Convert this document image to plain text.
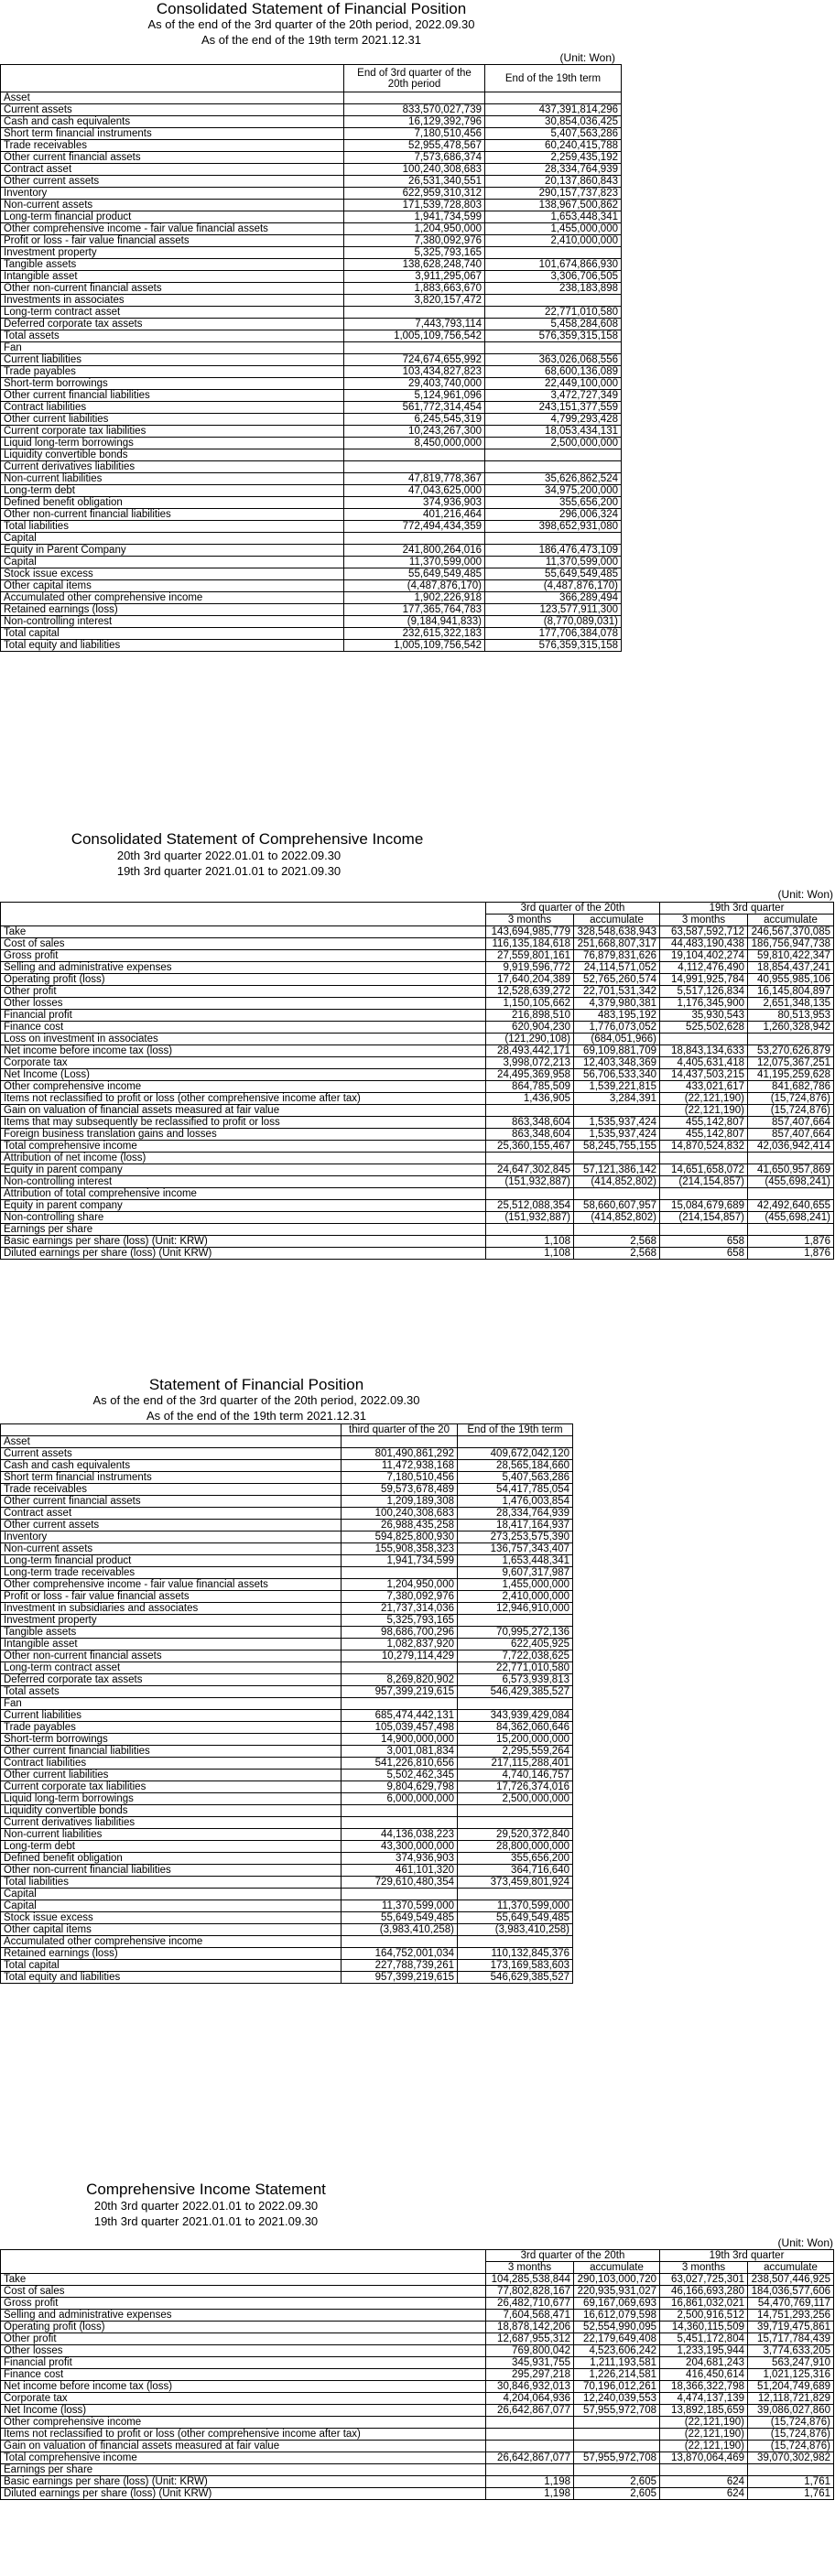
Consolidated Statement of Financial Position
As of the end of the 3rd quarter of the 20th period, 2022.09.30
As of the end of the 19th term 2021.12.31
(Unit: Won)
	End of 3rd quarter of the 20th period	End of the 19th term
Asset		
Current assets	833,570,027,739	437,391,814,296
Cash and cash equivalents	16,129,392,796	30,854,036,425
Short term financial instruments	7,180,510,456	5,407,563,286
Trade receivables	52,955,478,567	60,240,415,788
Other current financial assets	7,573,686,374	2,259,435,192
Contract asset	100,240,308,683	28,334,764,939
Other current assets	26,531,340,551	20,137,860,843
Inventory	622,959,310,312	290,157,737,823
Non-current assets	171,539,728,803	138,967,500,862
Long-term financial product	1,941,734,599	1,653,448,341
Other comprehensive income - fair value financial assets	1,204,950,000	1,455,000,000
Profit or loss - fair value financial assets	7,380,092,976	2,410,000,000
Investment property	5,325,793,165	
Tangible assets	138,628,248,740	101,674,866,930
Intangible asset	3,911,295,067	3,306,706,505
Other non-current financial assets	1,883,663,670	238,183,898
Investments in associates	3,820,157,472	
Long-term contract asset		22,771,010,580
Deferred corporate tax assets	7,443,793,114	5,458,284,608
Total assets	1,005,109,756,542	576,359,315,158
Fan		
Current liabilities	724,674,655,992	363,026,068,556
Trade payables	103,434,827,823	68,600,136,089
Short-term borrowings	29,403,740,000	22,449,100,000
Other current financial liabilities	5,124,961,096	3,472,727,349
Contract liabilities	561,772,314,454	243,151,377,559
Other current liabilities	6,245,545,319	4,799,293,428
Current corporate tax liabilities	10,243,267,300	18,053,434,131
Liquid long-term borrowings	8,450,000,000	2,500,000,000
Liquidity convertible bonds		
Current derivatives liabilities		
Non-current liabilities	47,819,778,367	35,626,862,524
Long-term debt	47,043,625,000	34,975,200,000
Defined benefit obligation	374,936,903	355,656,200
Other non-current financial liabilities	401,216,464	296,006,324
Total liabilities	772,494,434,359	398,652,931,080
Capital		
Equity in Parent Company	241,800,264,016	186,476,473,109
Capital	11,370,599,000	11,370,599,000
Stock issue excess	55,649,549,485	55,649,549,485
Other capital items	(4,487,876,170)	(4,487,876,170)
Accumulated other comprehensive income	1,902,226,918	366,289,494
Retained earnings (loss)	177,365,764,783	123,577,911,300
Non-controlling interest	(9,184,941,833)	(8,770,089,031)
Total capital	232,615,322,183	177,706,384,078
Total equity and liabilities	1,005,109,756,542	576,359,315,158
Consolidated Statement of Comprehensive Income
20th 3rd quarter 2022.01.01 to 2022.09.30
19th 3rd quarter 2021.01.01 to 2021.09.30
(Unit: Won)
	3rd quarter of the 20th		19th 3rd quarter	
	3 months	accumulate	3 months	accumulate
Take	143,694,985,779	328,548,638,943	63,587,592,712	246,567,370,085
Cost of sales	116,135,184,618	251,668,807,317	44,483,190,438	186,756,947,738
Gross profit	27,559,801,161	76,879,831,626	19,104,402,274	59,810,422,347
Selling and administrative expenses	9,919,596,772	24,114,571,052	4,112,476,490	18,854,437,241
Operating profit (loss)	17,640,204,389	52,765,260,574	14,991,925,784	40,955,985,106
Other profit	12,528,639,272	22,701,531,342	5,517,126,834	16,145,804,897
Other losses	1,150,105,662	4,379,980,381	1,176,345,900	2,651,348,135
Financial profit	216,898,510	483,195,192	35,930,543	80,513,953
Finance cost	620,904,230	1,776,073,052	525,502,628	1,260,328,942
Loss on investment in associates	(121,290,108)	(684,051,966)		
Net income before income tax (loss)	28,493,442,171	69,109,881,709	18,843,134,633	53,270,626,879
Corporate tax	3,998,072,213	12,403,348,369	4,405,631,418	12,075,367,251
Net Income (Loss)	24,495,369,958	56,706,533,340	14,437,503,215	41,195,259,628
Other comprehensive income	864,785,509	1,539,221,815	433,021,617	841,682,786
Items not reclassified to profit or loss (other comprehensive income after tax)	1,436,905	3,284,391	(22,121,190)	(15,724,876)
Gain on valuation of financial assets measured at fair value			(22,121,190)	(15,724,876)
Items that may subsequently be reclassified to profit or loss	863,348,604	1,535,937,424	455,142,807	857,407,664
Foreign business translation gains and losses	863,348,604	1,535,937,424	455,142,807	857,407,664
Total comprehensive income	25,360,155,467	58,245,755,155	14,870,524,832	42,036,942,414
Attribution of net income (loss)				
Equity in parent company	24,647,302,845	57,121,386,142	14,651,658,072	41,650,957,869
Non-controlling interest	(151,932,887)	(414,852,802)	(214,154,857)	(455,698,241)
Attribution of total comprehensive income				
Equity in parent company	25,512,088,354	58,660,607,957	15,084,679,689	42,492,640,655
Non-controlling share	(151,932,887)	(414,852,802)	(214,154,857)	(455,698,241)
Earnings per share				
Basic earnings per share (loss) (Unit: KRW)	1,108	2,568	658	1,876
Diluted earnings per share (loss) (Unit KRW)	1,108	2,568	658	1,876
Statement of Financial Position
As of the end of the 3rd quarter of the 20th period, 2022.09.30
As of the end of the 19th term 2021.12.31
	third quarter of the 20	End of the 19th term
Asset		
Current assets	801,490,861,292	409,672,042,120
Cash and cash equivalents	11,472,938,168	28,565,184,660
Short term financial instruments	7,180,510,456	5,407,563,286
Trade receivables	59,573,678,489	54,417,785,054
Other current financial assets	1,209,189,308	1,476,003,854
Contract asset	100,240,308,683	28,334,764,939
Other current assets	26,988,435,258	18,417,164,937
Inventory	594,825,800,930	273,253,575,390
Non-current assets	155,908,358,323	136,757,343,407
Long-term financial product	1,941,734,599	1,653,448,341
Long-term trade receivables		9,607,317,987
Other comprehensive income - fair value financial assets	1,204,950,000	1,455,000,000
Profit or loss - fair value financial assets	7,380,092,976	2,410,000,000
Investment in subsidiaries and associates	21,737,314,036	12,946,910,000
Investment property	5,325,793,165	
Tangible assets	98,686,700,296	70,995,272,136
Intangible asset	1,082,837,920	622,405,925
Other non-current financial assets	10,279,114,429	7,722,038,625
Long-term contract asset		22,771,010,580
Deferred corporate tax assets	8,269,820,902	6,573,939,813
Total assets	957,399,219,615	546,429,385,527
Fan		
Current liabilities	685,474,442,131	343,939,429,084
Trade payables	105,039,457,498	84,362,060,646
Short-term borrowings	14,900,000,000	15,200,000,000
Other current financial liabilities	3,001,081,834	2,295,559,264
Contract liabilities	541,226,810,656	217,115,288,401
Other current liabilities	5,502,462,345	4,740,146,757
Current corporate tax liabilities	9,804,629,798	17,726,374,016
Liquid long-term borrowings	6,000,000,000	2,500,000,000
Liquidity convertible bonds		
Current derivatives liabilities		
Non-current liabilities	44,136,038,223	29,520,372,840
Long-term debt	43,300,000,000	28,800,000,000
Defined benefit obligation	374,936,903	355,656,200
Other non-current financial liabilities	461,101,320	364,716,640
Total liabilities	729,610,480,354	373,459,801,924
Capital		
Capital	11,370,599,000	11,370,599,000
Stock issue excess	55,649,549,485	55,649,549,485
Other capital items	(3,983,410,258)	(3,983,410,258)
Accumulated other comprehensive income		
Retained earnings (loss)	164,752,001,034	110,132,845,376
Total capital	227,788,739,261	173,169,583,603
Total equity and liabilities	957,399,219,615	546,629,385,527
Comprehensive Income Statement
20th 3rd quarter 2022.01.01 to 2022.09.30
19th 3rd quarter 2021.01.01 to 2021.09.30
(Unit: Won)
	3rd quarter of the 20th		19th 3rd quarter	
	3 months	accumulate	3 months	accumulate
Take	104,285,538,844	290,103,000,720	63,027,725,301	238,507,446,925
Cost of sales	77,802,828,167	220,935,931,027	46,166,693,280	184,036,577,606
Gross profit	26,482,710,677	69,167,069,693	16,861,032,021	54,470,769,117
Selling and administrative expenses	7,604,568,471	16,612,079,598	2,500,916,512	14,751,293,256
Operating profit (loss)	18,878,142,206	52,554,990,095	14,360,115,509	39,719,475,861
Other profit	12,687,955,312	22,179,649,408	5,451,172,804	15,717,784,439
Other losses	769,800,042	4,523,606,242	1,233,195,944	3,774,633,205
Financial profit	345,931,755	1,211,193,581	204,681,243	563,247,910
Finance cost	295,297,218	1,226,214,581	416,450,614	1,021,125,316
Net income before income tax (loss)	30,846,932,013	70,196,012,261	18,366,322,798	51,204,749,689
Corporate tax	4,204,064,936	12,240,039,553	4,474,137,139	12,118,721,829
Net Income (loss)	26,642,867,077	57,955,972,708	13,892,185,659	39,086,027,860
Other comprehensive income			(22,121,190)	(15,724,876)
Items not reclassified to profit or loss (other comprehensive income after tax)			(22,121,190)	(15,724,876)
Gain on valuation of financial assets measured at fair value			(22,121,190)	(15,724,876)
Total comprehensive income	26,642,867,077	57,955,972,708	13,870,064,469	39,070,302,982
Earnings per share				
Basic earnings per share (loss) (Unit: KRW)	1,198	2,605	624	1,761
Diluted earnings per share (loss) (Unit KRW)	1,198	2,605	624	1,761
